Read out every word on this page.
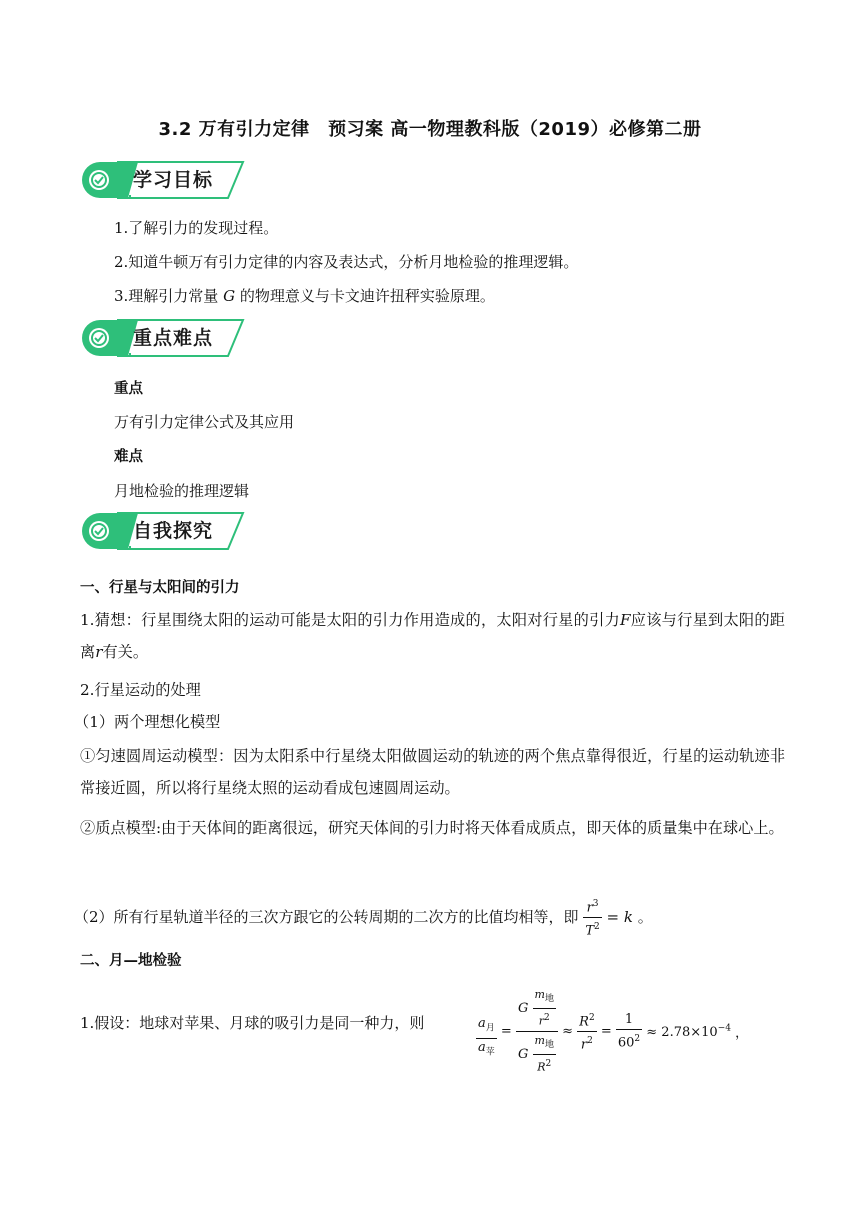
3.2 万有引力定律　预习案 高一物理教科版（2019）必修第二册
学习目标
1.了解引力的发现过程。
2.知道牛顿万有引力定律的内容及表达式，分析月地检验的推理逻辑。
3.理解引力常量 G 的物理意义与卡文迪许扭秤实验原理。
重点难点
重点
万有引力定律公式及其应用
难点
月地检验的推理逻辑
自我探究
一、行星与太阳间的引力
1.猜想：行星围绕太阳的运动可能是太阳的引力作用造成的，太阳对行星的引力F应该与行星到太阳的距离r有关。
2.行星运动的处理
（1）两个理想化模型
①匀速圆周运动模型：因为太阳系中行星绕太阳做圆运动的轨迹的两个焦点靠得很近，行星的运动轨迹非常接近圆，所以将行星绕太照的运动看成包速圆周运动。
②质点模型:由于天体间的距离很远，研究天体间的引力时将天体看成质点，即天体的质量集中在球心上。
（2）所有行星轨道半径的三次方跟它的公转周期的二次方的比值均相等，即 $\frac{r^3}{T^2} = k$ 。
二、月—地检验
1.假设：地球对苹果、月球的吸引力是同一种力，则	$\frac{a_月}{a_苹} = \frac{G \frac{m_地}{r^2}}{G \frac{m_地}{R^2}} \approx \frac{R^2}{r^2} = \frac{1}{60^2} \approx 2.78\times 10^{-4}$ ，
